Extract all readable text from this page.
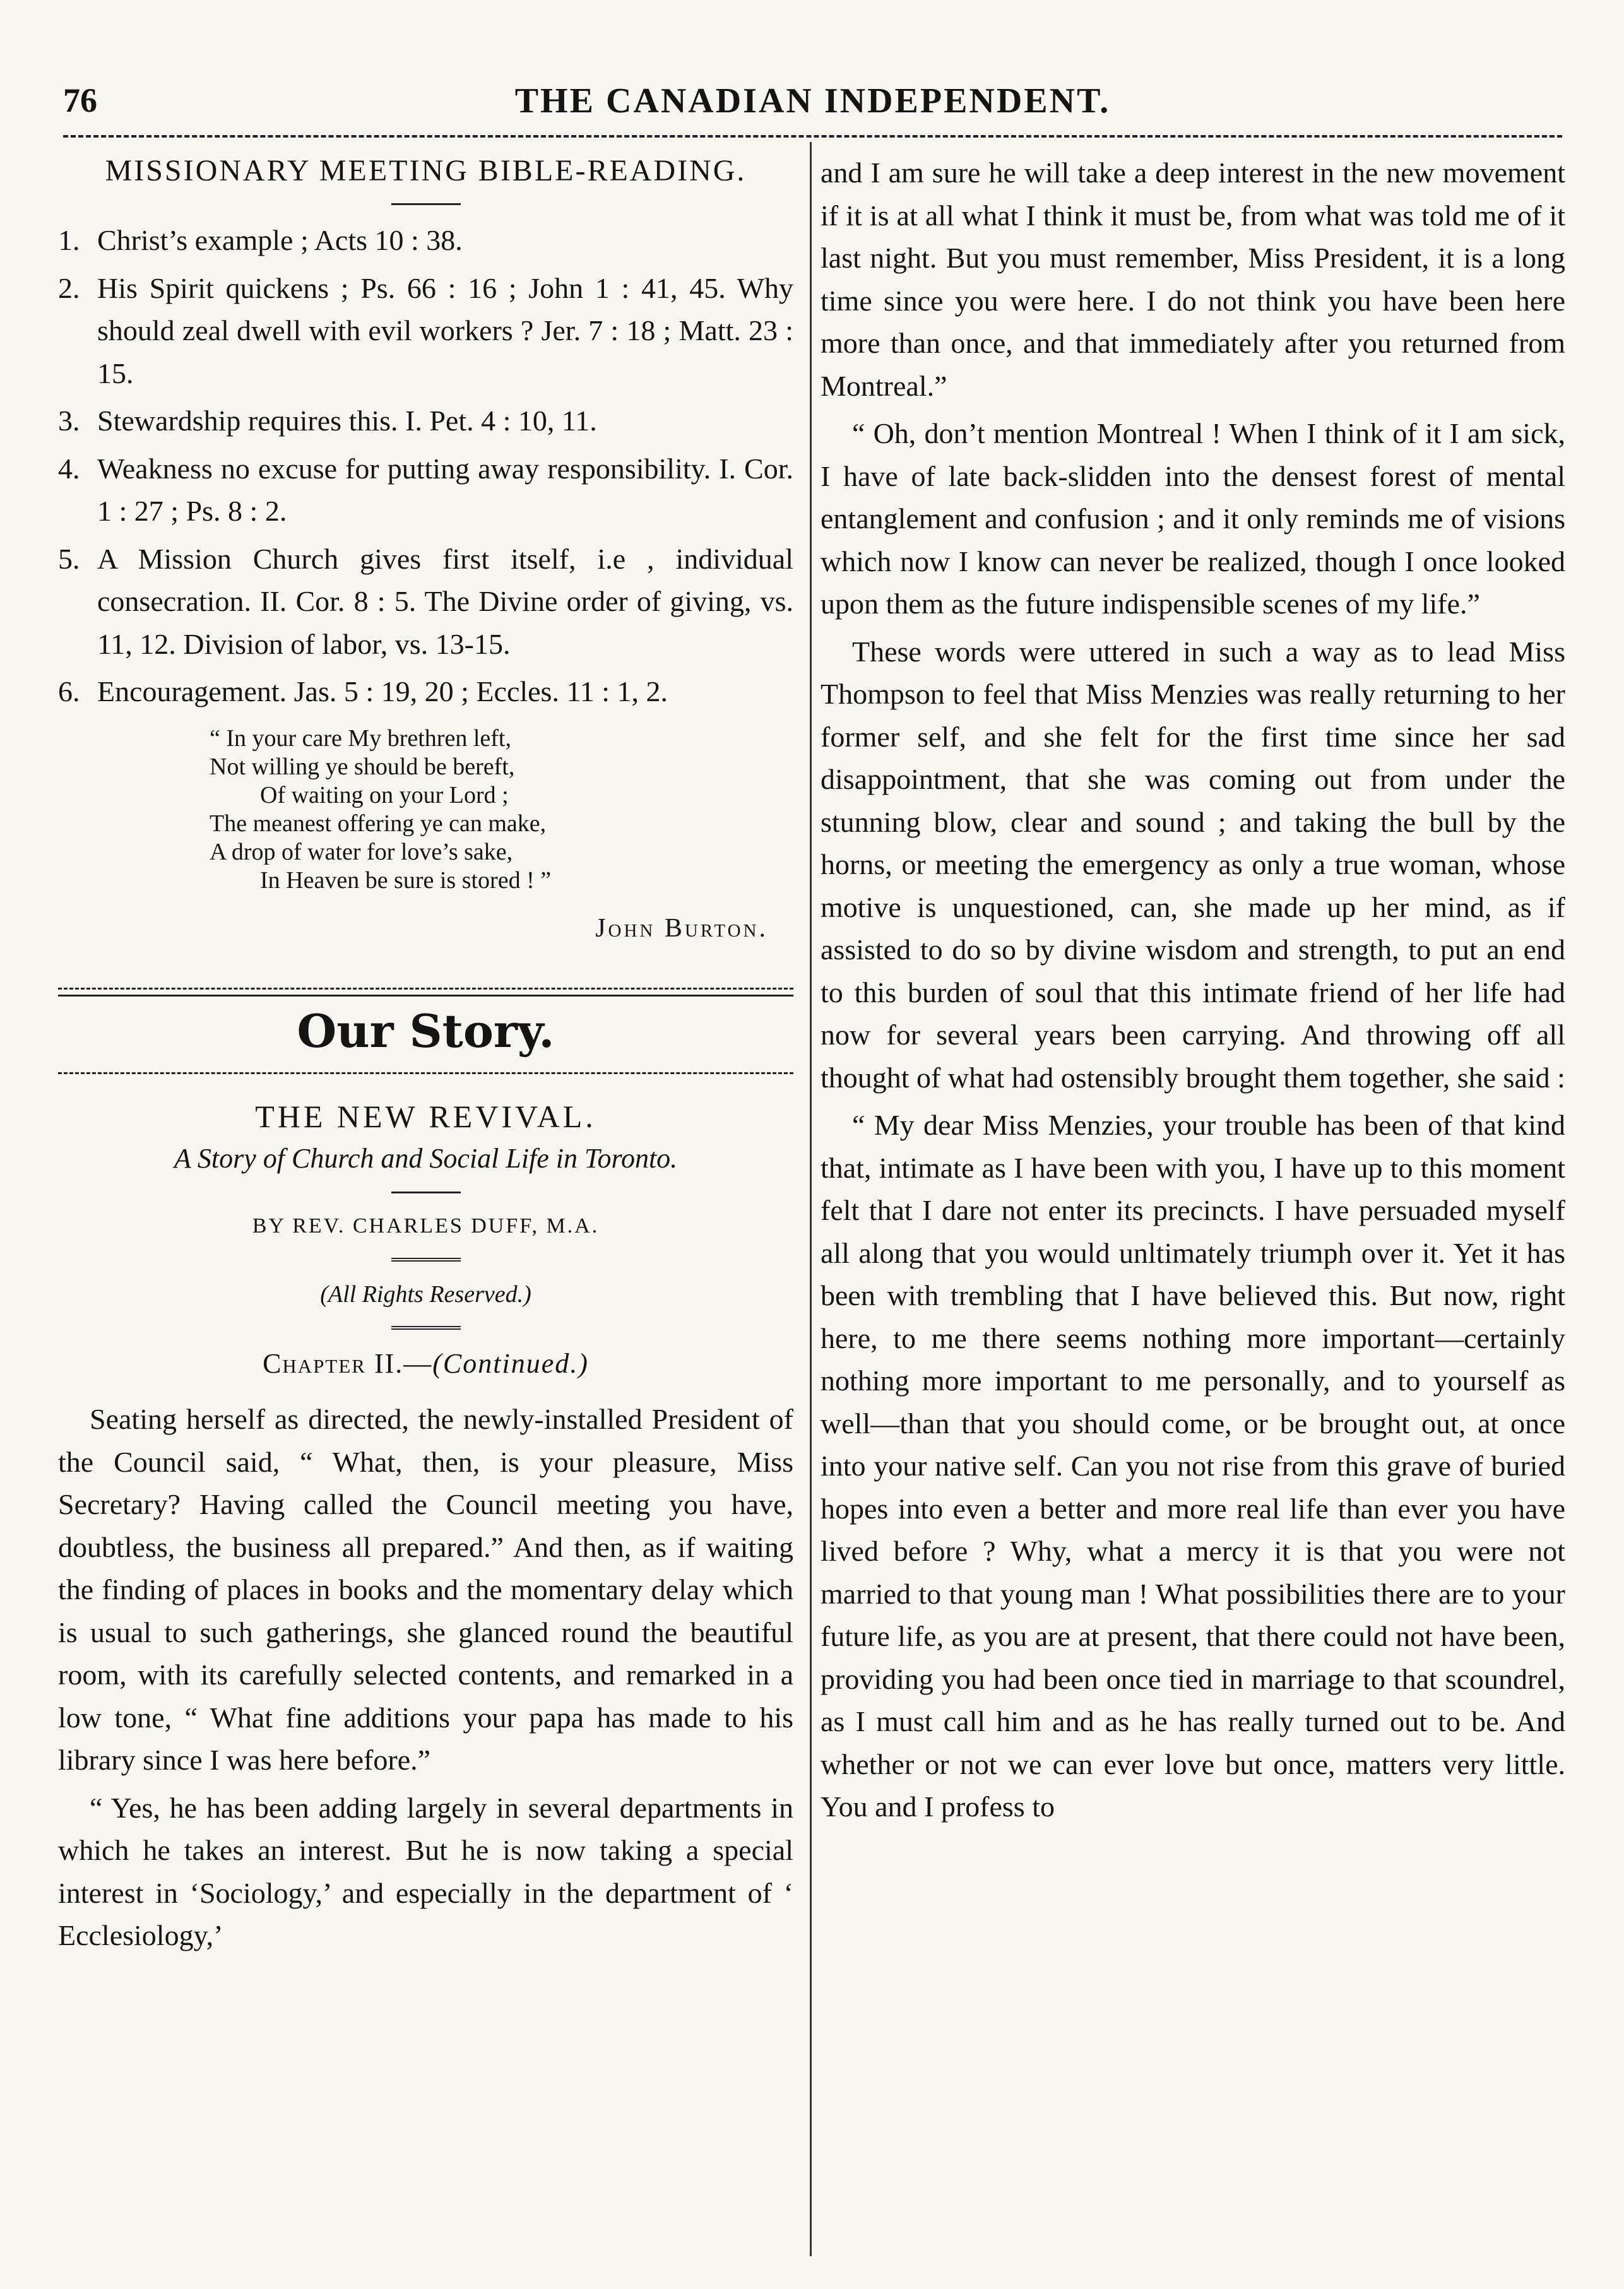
76	THE CANADIAN INDEPENDENT.
MISSIONARY MEETING BIBLE-READING.
1. Christ’s example ; Acts 10 : 38.
2. His Spirit quickens ; Ps. 66 : 16 ; John 1 : 41, 45. Why should zeal dwell with evil workers ? Jer. 7 : 18 ; Matt. 23 : 15.
3. Stewardship requires this. I. Pet. 4 : 10, 11.
4. Weakness no excuse for putting away responsibility. I. Cor. 1 : 27 ; Ps. 8 : 2.
5. A Mission Church gives first itself, i.e , individual consecration. II. Cor. 8 : 5. The Divine order of giving, vs. 11, 12. Division of labor, vs. 13-15.
6. Encouragement. Jas. 5 : 19, 20 ; Eccles. 11 : 1, 2.
“ In your care My brethren left,
Not willing ye should be bereft,
Of waiting on your Lord ;
The meanest offering ye can make,
A drop of water for love’s sake,
In Heaven be sure is stored ! ”
John Burton.
Our Story.
THE NEW REVIVAL.
A Story of Church and Social Life in Toronto.
BY REV. CHARLES DUFF, M.A.
(All Rights Reserved.)
Chapter II.—(Continued.)

Seating herself as directed, the newly-installed President of the Council said, “ What, then, is your pleasure, Miss Secretary? Having called the Council meeting you have, doubtless, the business all prepared.” And then, as if waiting the finding of places in books and the momentary delay which is usual to such gatherings, she glanced round the beautiful room, with its carefully selected contents, and remarked in a low tone, “ What fine additions your papa has made to his library since I was here before.”

“ Yes, he has been adding largely in several departments in which he takes an interest. But he is now taking a special interest in ‘Sociology,’ and especially in the department of ‘ Ecclesiology,’

and I am sure he will take a deep interest in the new movement if it is at all what I think it must be, from what was told me of it last night. But you must remember, Miss President, it is a long time since you were here. I do not think you have been here more than once, and that immediately after you returned from Montreal.”

“ Oh, don’t mention Montreal ! When I think of it I am sick, I have of late back-slidden into the densest forest of mental entanglement and confusion ; and it only reminds me of visions which now I know can never be realized, though I once looked upon them as the future indispensible scenes of my life.”

These words were uttered in such a way as to lead Miss Thompson to feel that Miss Menzies was really returning to her former self, and she felt for the first time since her sad disappointment, that she was coming out from under the stunning blow, clear and sound ; and taking the bull by the horns, or meeting the emergency as only a true woman, whose motive is unquestioned, can, she made up her mind, as if assisted to do so by divine wisdom and strength, to put an end to this burden of soul that this intimate friend of her life had now for several years been carrying. And throwing off all thought of what had ostensibly brought them together, she said :

“ My dear Miss Menzies, your trouble has been of that kind that, intimate as I have been with you, I have up to this moment felt that I dare not enter its precincts. I have persuaded myself all along that you would unltimately triumph over it. Yet it has been with trembling that I have believed this. But now, right here, to me there seems nothing more important—certainly nothing more important to me personally, and to yourself as well—than that you should come, or be brought out, at once into your native self. Can you not rise from this grave of buried hopes into even a better and more real life than ever you have lived before ? Why, what a mercy it is that you were not married to that young man ! What possibilities there are to your future life, as you are at present, that there could not have been, providing you had been once tied in marriage to that scoundrel, as I must call him and as he has really turned out to be. And whether or not we can ever love but once, matters very little. You and I profess to
